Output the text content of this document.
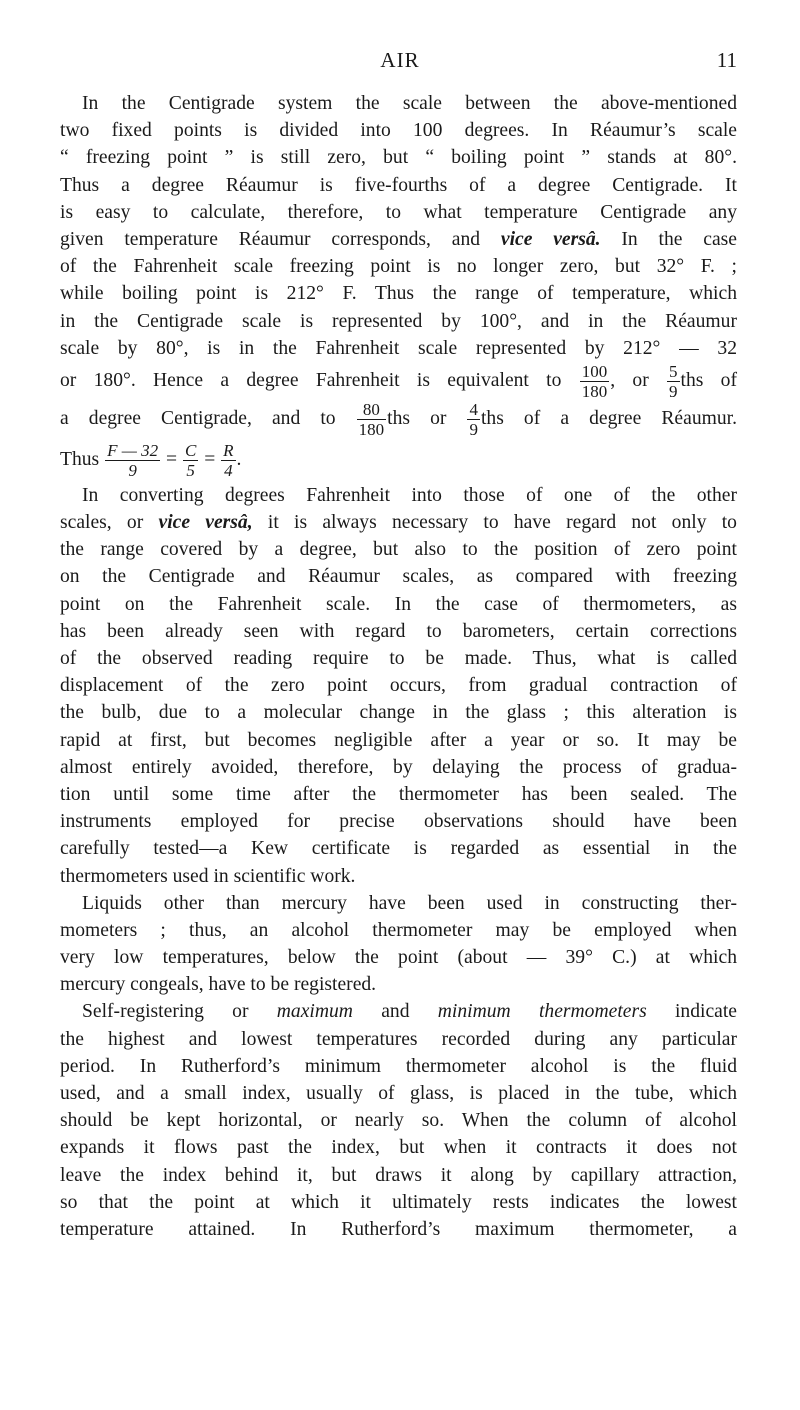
AIR	11
In the Centigrade system the scale between the above-mentioned
two fixed points is divided into 100 degrees. In Réaumur’s scale
“ freezing point ” is still zero, but “ boiling point ” stands at 80°.
Thus a degree Réaumur is five-fourths of a degree Centigrade. It
is easy to calculate, therefore, to what temperature Centigrade any
given temperature Réaumur corresponds, and vice versâ. In the case
of the Fahrenheit scale freezing point is no longer zero, but 32° F. ;
while boiling point is 212° F. Thus the range of temperature, which
in the Centigrade scale is represented by 100°, and in the Réaumur
scale by 80°, is in the Fahrenheit scale represented by 212° — 32
or 180°. Hence a degree Fahrenheit is equivalent to $\frac{100}{180}$ , or $\frac{5}{9}$ ths of
a degree Centigrade, and to $\frac{80}{180}$ ths or $\frac{4}{9}$ ths of a degree Réaumur.
Thus $\frac{F — 32}{9} = \frac{C}{5} = \frac{R}{4}$ .
In converting degrees Fahrenheit into those of one of the other
scales, or vice versâ, it is always necessary to have regard not only to
the range covered by a degree, but also to the position of zero point
on the Centigrade and Réaumur scales, as compared with freezing
point on the Fahrenheit scale. In the case of thermometers, as
has been already seen with regard to barometers, certain corrections
of the observed reading require to be made. Thus, what is called
displacement of the zero point occurs, from gradual contraction of
the bulb, due to a molecular change in the glass ; this alteration is
rapid at first, but becomes negligible after a year or so. It may be
almost entirely avoided, therefore, by delaying the process of gradua-
tion until some time after the thermometer has been sealed. The
instruments employed for precise observations should have been
carefully tested—a Kew certificate is regarded as essential in the
thermometers used in scientific work.
Liquids other than mercury have been used in constructing ther-
mometers ; thus, an alcohol thermometer may be employed when
very low temperatures, below the point (about — 39° C.) at which
mercury congeals, have to be registered.
Self-registering or maximum and minimum thermometers indicate
the highest and lowest temperatures recorded during any particular
period. In Rutherford’s minimum thermometer alcohol is the fluid
used, and a small index, usually of glass, is placed in the tube, which
should be kept horizontal, or nearly so. When the column of alcohol
expands it flows past the index, but when it contracts it does not
leave the index behind it, but draws it along by capillary attraction,
so that the point at which it ultimately rests indicates the lowest
temperature attained. In Rutherford’s maximum thermometer, a
